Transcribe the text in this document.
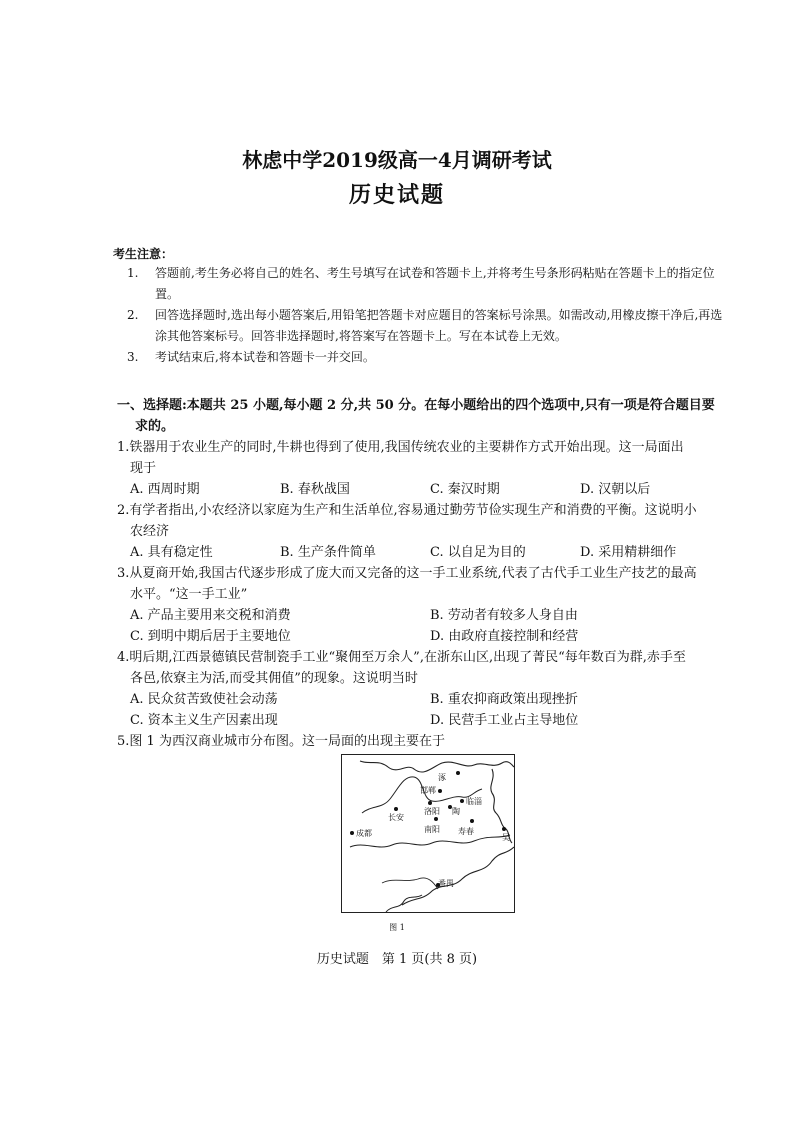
林虑中学2019级高一4月调研考试
历史试题
考生注意：

1. 答题前,考生务必将自己的姓名、考生号填写在试卷和答题卡上,并将考生号条形码粘贴在答题卡上的指定位置。

2. 回答选择题时,选出每小题答案后,用铅笔把答题卡对应题目的答案标号涂黑。如需改动,用橡皮擦干净后,再选涂其他答案标号。回答非选择题时,将答案写在答题卡上。写在本试卷上无效。

3. 考试结束后,将本试卷和答题卡一并交回。

一、选择题:本题共 25 小题,每小题 2 分,共 50 分。在每小题给出的四个选项中,只有一项是符合题目要
求的。
1.铁器用于农业生产的同时,牛耕也得到了使用,我国传统农业的主要耕作方式开始出现。这一局面出
现于
A. 西周时期	B. 春秋战国	C. 秦汉时期	D. 汉朝以后
2.有学者指出,小农经济以家庭为生产和生活单位,容易通过勤劳节俭实现生产和消费的平衡。这说明小
农经济
A. 具有稳定性	B. 生产条件简单	C. 以自足为目的	D. 采用精耕细作
3.从夏商开始,我国古代逐步形成了庞大而又完备的这一手工业系统,代表了古代手工业生产技艺的最高
水平。“这一手工业”
A. 产品主要用来交税和消费	B. 劳动者有较多人身自由
C. 到明中期后居于主要地位	D. 由政府直接控制和经营
4.明后期,江西景德镇民营制瓷手工业“聚佣至万余人”,在浙东山区,出现了菁民“每年数百为群,赤手至
各邑,依寮主为活,而受其佣值”的现象。这说明当时
A. 民众贫苦致使社会动荡	B. 重农抑商政策出现挫折
C. 资本主义生产因素出现	D. 民营手工业占主导地位
5.图 1 为西汉商业城市分布图。这一局面的出现主要在于
涿
邯郸
临淄
洛阳 陶
长安
成都	南阳 寿春
吴
番禺
图 1
历史试题　第 1 页(共 8 页)
